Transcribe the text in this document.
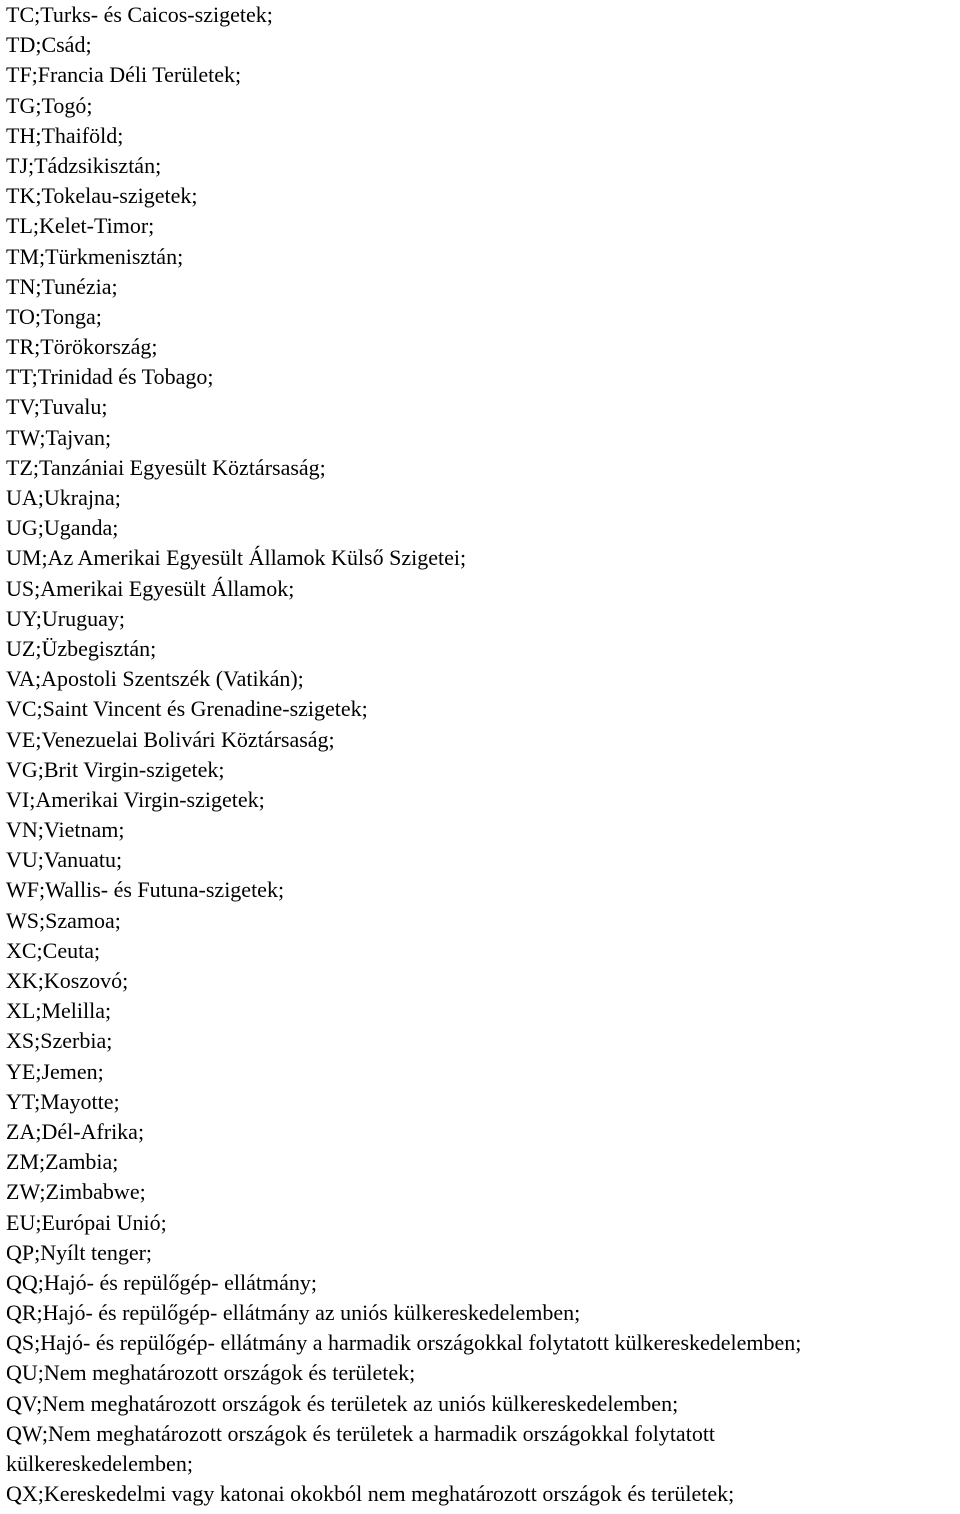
TC;Turks- és Caicos-szigetek;

TD;Csád;

TF;Francia Déli Területek;

TG;Togó;

TH;Thaiföld;

TJ;Tádzsikisztán;

TK;Tokelau-szigetek;

TL;Kelet-Timor;

TM;Türkmenisztán;

TN;Tunézia;

TO;Tonga;

TR;Törökország;

TT;Trinidad és Tobago;

TV;Tuvalu;

TW;Tajvan;

TZ;Tanzániai Egyesült Köztársaság;

UA;Ukrajna;

UG;Uganda;

UM;Az Amerikai Egyesült Államok Külső Szigetei;

US;Amerikai Egyesült Államok;

UY;Uruguay;

UZ;Üzbegisztán;

VA;Apostoli Szentszék (Vatikán);

VC;Saint Vincent és Grenadine-szigetek;

VE;Venezuelai Bolivári Köztársaság;

VG;Brit Virgin-szigetek;

VI;Amerikai Virgin-szigetek;

VN;Vietnam;

VU;Vanuatu;

WF;Wallis- és Futuna-szigetek;

WS;Szamoa;

XC;Ceuta;

XK;Koszovó;

XL;Melilla;

XS;Szerbia;

YE;Jemen;

YT;Mayotte;

ZA;Dél-Afrika;

ZM;Zambia;

ZW;Zimbabwe;

EU;Európai Unió;

QP;Nyílt tenger;

QQ;Hajó- és repülőgép- ellátmány;

QR;Hajó- és repülőgép- ellátmány az uniós külkereskedelemben;

QS;Hajó- és repülőgép- ellátmány a harmadik országokkal folytatott külkereskedelemben;

QU;Nem meghatározott országok és területek;

QV;Nem meghatározott országok és területek az uniós külkereskedelemben;

QW;Nem meghatározott országok és területek a harmadik országokkal folytatott

külkereskedelemben;

QX;Kereskedelmi vagy katonai okokból nem meghatározott országok és területek;
